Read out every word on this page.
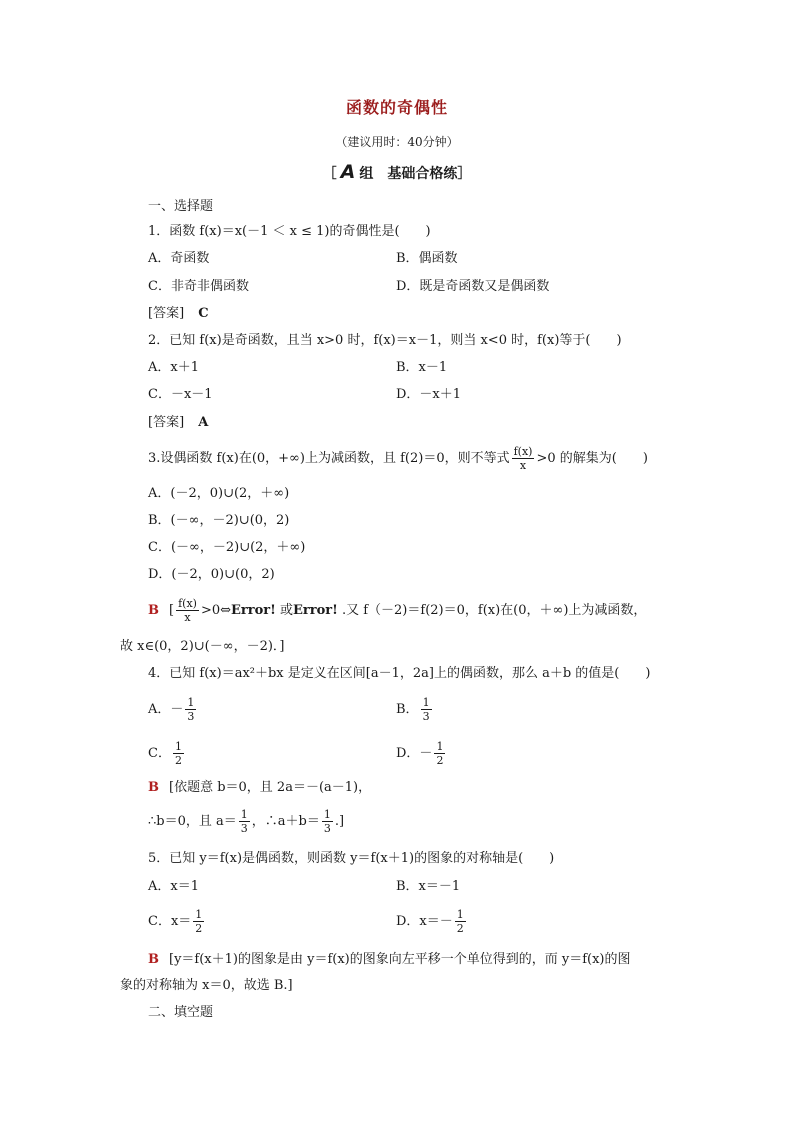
函数的奇偶性
（建议用时：40分钟）
［ A 组　基础合格练］
一、选择题
1．函数 f(x)＝x(－1 ＜ x ≤ 1)的奇偶性是(　　)
A．奇函数	B．偶函数
C．非奇非偶函数	D．既是奇函数又是偶函数
[答案] C
2．已知 f(x)是奇函数，且当 x>0 时，f(x)＝x－1，则当 x<0 时，f(x)等于(　　)
A．x＋1	B．x－1
C．－x－1	D．－x＋1
[答案] A
3.设偶函数 f(x)在(0，+∞)上为减函数，且 f(2)＝0，则不等式 $\frac{f(x)}{x} >0$ 的解集为(　　)
A．(－2，0)∪(2，＋∞)
B．(－∞，－2)∪(0，2)
C．(－∞，－2)∪(2，＋∞)
D．(－2，0)∪(0，2)
B [ $\frac{f(x)}{x}$ >0⇔Error! 或Error! .又 f（－2)＝f(2)＝0，f(x)在(0，＋∞)上为减函数，
故 x∈(0，2)∪(－∞，－2)．]
4．已知 f(x)＝ax²＋bx 是定义在区间[a－1，2a]上的偶函数，那么 a＋b 的值是(　　)
A．－ $\frac{1}{3}$	B． $\frac{1}{3}$
C． $\frac{1}{2}$	D．－ $\frac{1}{2}$
B [依题意 b＝0，且 2a＝－(a－1)，
∴b＝0，且 $a= \frac{1}{3}$ ，∴a＋b＝ $\frac{1}{3}$ .]
5．已知 y＝f(x)是偶函数，则函数 y＝f(x＋1)的图象的对称轴是(　　)
A．x＝1	B．x＝－1
C．$x= \frac{1}{2}$	D．$x=- \frac{1}{2}$
B [y＝f(x＋1)的图象是由 y＝f(x)的图象向左平移一个单位得到的，而 y＝f(x)的图
象的对称轴为 x＝0，故选 B.]
二、填空题
